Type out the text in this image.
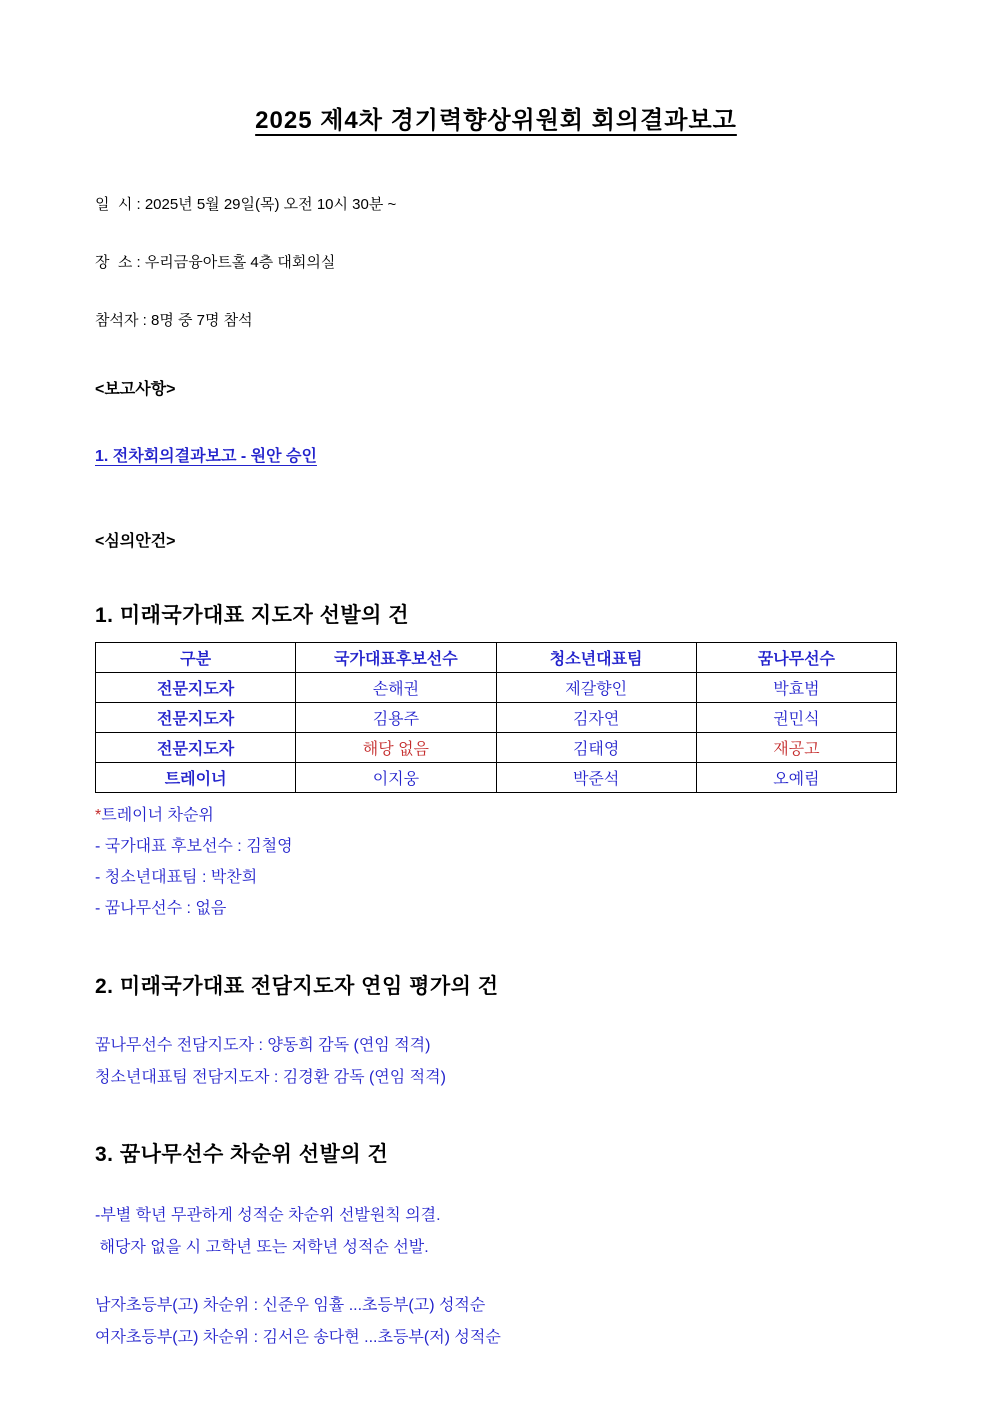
2025 제4차 경기력향상위원회 회의결과보고
일  시 : 2025년 5월 29일(목) 오전 10시 30분 ~
장  소 : 우리금융아트홀 4층 대회의실
참석자 : 8명 중 7명 참석
<보고사항>
1. 전차회의결과보고 - 원안 승인
<심의안건>
1. 미래국가대표 지도자 선발의 건
구분	국가대표후보선수	청소년대표팀	꿈나무선수
전문지도자	손해권	제갈향인	박효범
전문지도자	김용주	김자연	권민식
전문지도자	해당 없음	김태영	재공고
트레이너	이지웅	박준석	오예림
*트레이너 차순위
- 국가대표 후보선수 : 김철영
- 청소년대표팀 : 박찬희
- 꿈나무선수 : 없음
2. 미래국가대표 전담지도자 연임 평가의 건
꿈나무선수 전담지도자 : 양동희 감독 (연임 적격)
청소년대표팀 전담지도자 : 김경환 감독 (연임 적격)
3. 꿈나무선수 차순위 선발의 건
-부별 학년 무관하게 성적순 차순위 선발원칙 의결.
해당자 없을 시 고학년 또는 저학년 성적순 선발.
남자초등부(고) 차순위 : 신준우 임휼 ...초등부(고) 성적순
여자초등부(고) 차순위 : 김서은 송다현 ...초등부(저) 성적순
